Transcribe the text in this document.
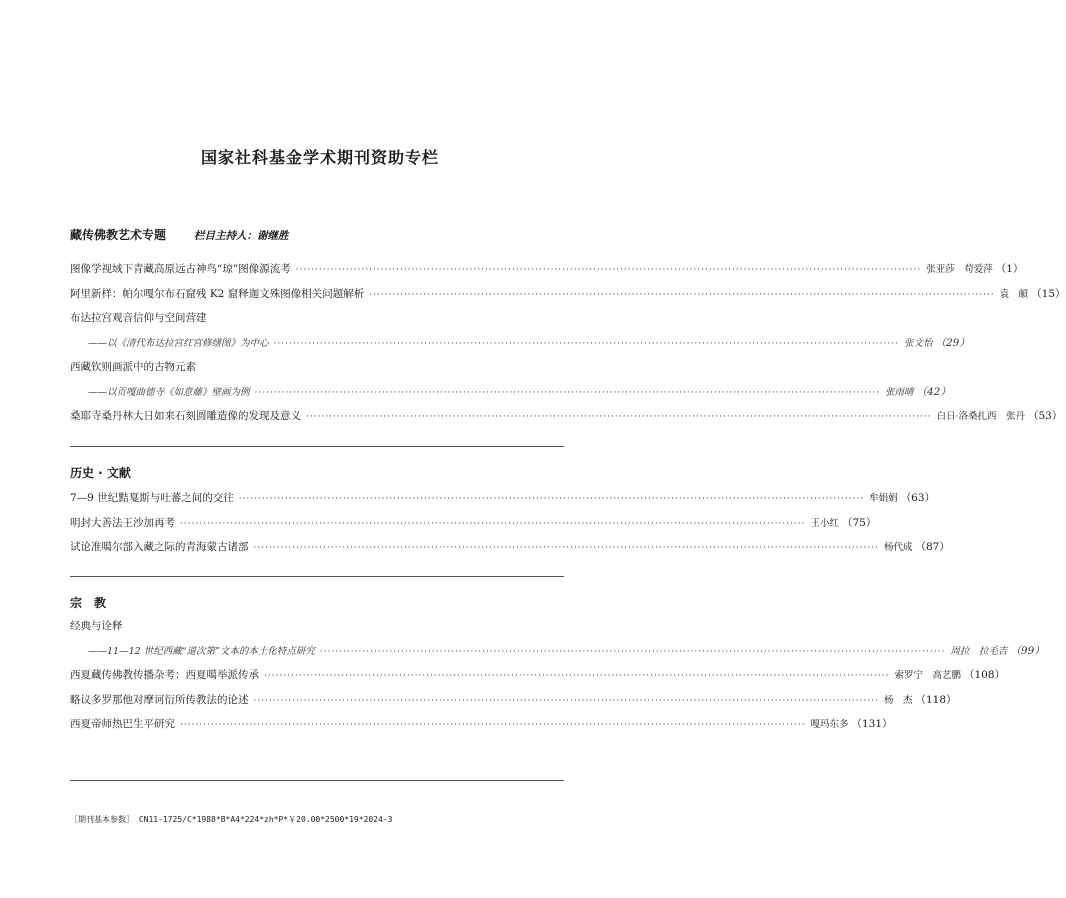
国家社科基金学术期刊资助专栏
藏传佛教艺术专题	栏目主持人：谢继胜
图像学视域下青藏高原远古神鸟“琼”图像源流考 ·····	张亚莎　苟爱萍 （1）
阿里新样：帕尔嘎尔布石窟残 K2 窟释迦文殊图像相关问题解析 ·····	袁　頔 （15）
布达拉宫观音信仰与空间营建
——以《清代布达拉宫红宫修缮图》为中心 ·····	张文怡 （29）
西藏钦则画派中的古物元素
——以贡嘎曲德寺《如意藤》壁画为例 ·····	张雨晴 （42）
桑耶寺桑丹林大日如来石刻圆雕造像的发现及意义 ·····	白日·洛桑扎西　张丹 （53）
历史 · 文献
7—9 世纪黠戛斯与吐蕃之间的交往 ·····	牟娟娟 （63）
明封大善法王沙加再考 ·····	王小红 （75）
试论准噶尔部入藏之际的青海蒙古诸部 ·····	杨代成 （87）
宗　教
经典与诠释
——11—12 世纪西藏“道次第”文本的本土化特点研究 ·····	周拉　拉毛吉 （99）
西夏藏传佛教传播杂考：西夏噶举派传承 ·····	索罗宁　高艺鹏 （108）
略议多罗那他对摩诃衍所传教法的论述 ·····	杨　杰 （118）
西夏帝师热巴生平研究 ·····	嘎玛东多 （131）
［期刊基本参数］ CN11-1725/C*1988*B*A4*224*zh*P*￥20.00*2500*19*2024-3
